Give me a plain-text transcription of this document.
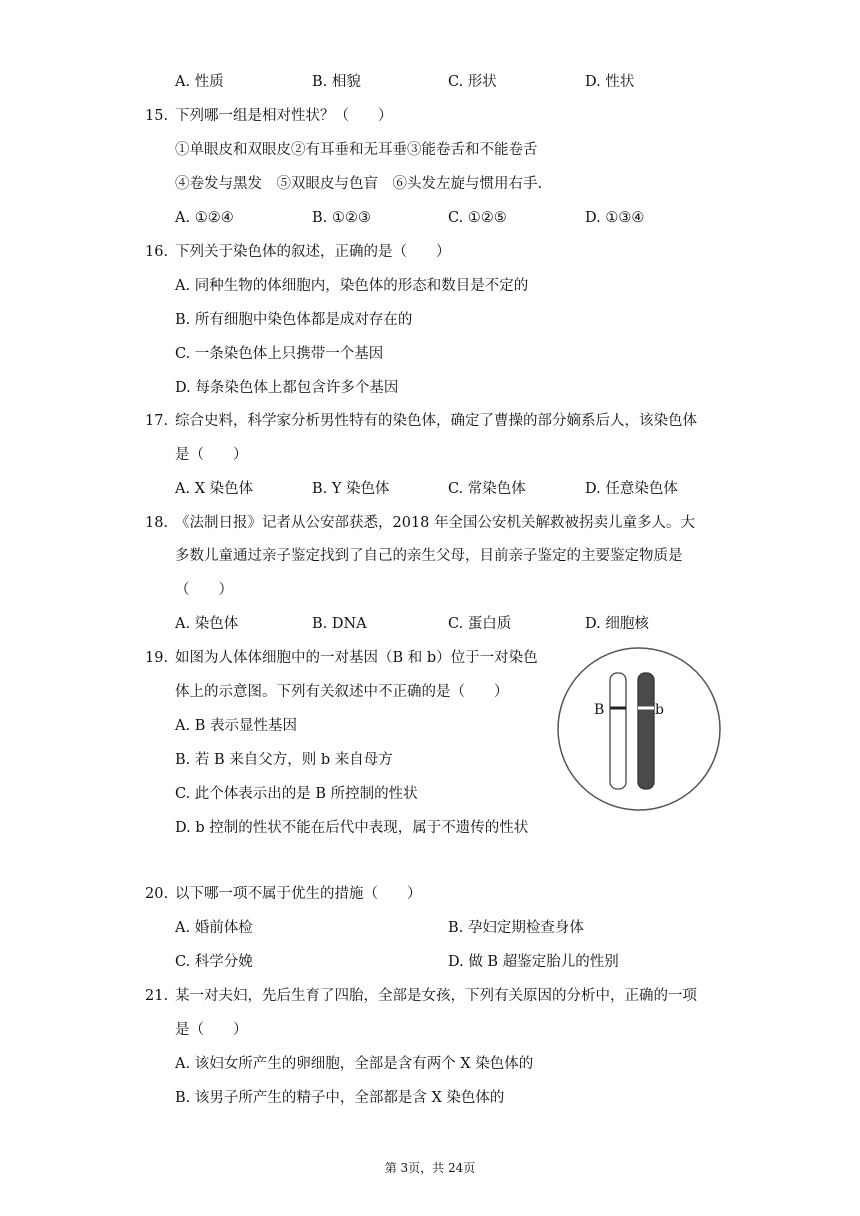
A. 性质	B. 相貌	C. 形状	D. 性状
15. 下列哪一组是相对性状？（　　）
①单眼皮和双眼皮②有耳垂和无耳垂③能卷舌和不能卷舌
④卷发与黑发　⑤双眼皮与色盲　⑥头发左旋与惯用右手.
A. ①②④	B. ①②③	C. ①②⑤	D. ①③④
16. 下列关于染色体的叙述，正确的是（　　）
A. 同种生物的体细胞内，染色体的形态和数目是不定的
B. 所有细胞中染色体都是成对存在的
C. 一条染色体上只携带一个基因
D. 每条染色体上都包含许多个基因
17. 综合史料，科学家分析男性特有的染色体，确定了曹操的部分嫡系后人，该染色体
是（　　）
A. X 染色体	B. Y 染色体	C. 常染色体	D. 任意染色体
18. 《法制日报》记者从公安部获悉，2018 年全国公安机关解救被拐卖儿童多人。大
多数儿童通过亲子鉴定找到了自己的亲生父母，目前亲子鉴定的主要鉴定物质是
（　　）
A. 染色体	B. DNA	C. 蛋白质	D. 细胞核
19. 如图为人体体细胞中的一对基因（B 和 b）位于一对染色
体上的示意图。下列有关叙述中不正确的是（　　）
A. B 表示显性基因
B. 若 B 来自父方，则 b 来自母方
C. 此个体表示出的是 B 所控制的性状
D. b 控制的性状不能在后代中表现，属于不遗传的性状
B	b
20. 以下哪一项不属于优生的措施（　　）
A. 婚前体检	B. 孕妇定期检查身体
C. 科学分娩	D. 做 B 超鉴定胎儿的性别
21. 某一对夫妇，先后生育了四胎，全部是女孩，下列有关原因的分析中，正确的一项
是（　　）
A. 该妇女所产生的卵细胞，全部是含有两个 X 染色体的
B. 该男子所产生的精子中，全部都是含 X 染色体的
第 3页，共 24页
